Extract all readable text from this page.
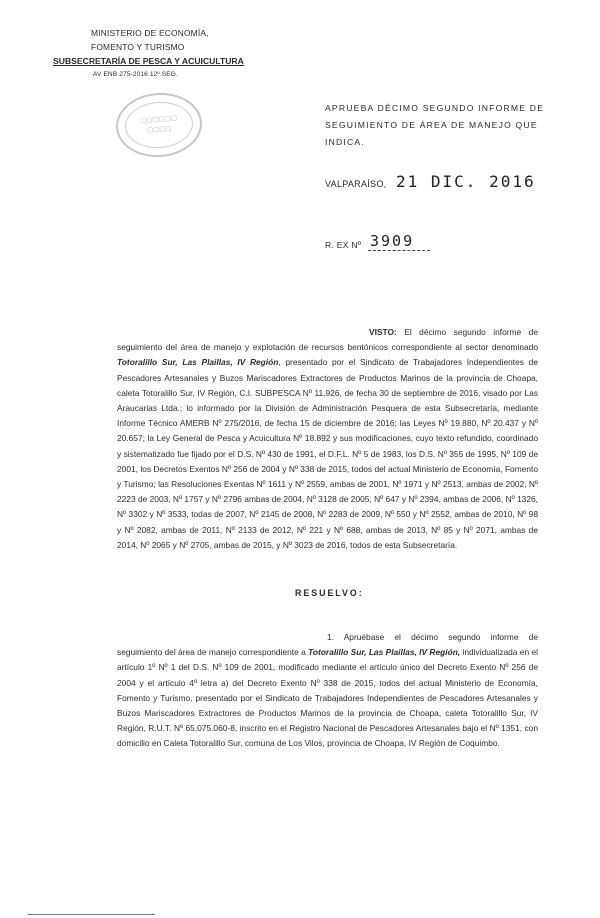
MINISTERIO DE ECONOMÍA,
FOMENTO Y TURISMO
SUBSECRETARÍA DE PESCA Y ACUICULTURA
AV ENB 275-2016 12º SEG.
▢▢▢▢▢▢
▢▢▢▢
APRUEBA DÉCIMO SEGUNDO INFORME DE SEGUIMIENTO DE ÁREA DE MANEJO QUE INDICA.
VALPARAÍSO, 21 DIC. 2016
R. EX Nº 3909
VISTO: El décimo segundo informe de seguimiento del área de manejo y explotación de recursos bentónicos correspondiente al sector denominado Totoralillo Sur, Las Plaillas, IV Región, presentado por el Sindicato de Trabajadores Independientes de Pescadores Artesanales y Buzos Mariscadores Extractores de Productos Marinos de la provincia de Choapa, caleta Totoralillo Sur, IV Región, C.I. SUBPESCA Nº 11.926, de fecha 30 de septiembre de 2016, visado por Las Araucarias Ltda.; lo informado por la División de Administración Pesquera de esta Subsecretaría, mediante Informe Técnico AMERB Nº 275/2016, de fecha 15 de diciembre de 2016; las Leyes Nº 19.880, Nº 20.437 y Nº 20.657; la Ley General de Pesca y Acuicultura Nº 18.892 y sus modificaciones, cuyo texto refundido, coordinado y sistematizado fue fijado por el D.S. Nº 430 de 1991, el D.F.L. Nº 5 de 1983, los D.S. Nº 355 de 1995, Nº 109 de 2001, los Decretos Exentos Nº 256 de 2004 y Nº 338 de 2015, todos del actual Ministerio de Economía, Fomento y Turismo; las Resoluciones Exentas Nº 1611 y Nº 2559, ambas de 2001, Nº 1971 y Nº 2513, ambas de 2002, Nº 2223 de 2003, Nº 1757 y Nº 2796 ambas de 2004, Nº 3128 de 2005, Nº 647 y Nº 2394, ambas de 2006, Nº 1326, Nº 3302 y Nº 3533, todas de 2007, Nº 2145 de 2008, Nº 2283 de 2009, Nº 550 y Nº 2552, ambas de 2010, Nº 98 y Nº 2082, ambas de 2011, Nº 2133 de 2012, Nº 221 y Nº 688, ambas de 2013, Nº 85 y Nº 2071, ambas de 2014, Nº 2065 y Nº 2705, ambas de 2015, y Nº 3023 de 2016, todos de esta Subsecretaría.
RESUELVO:
1. Apruébase el décimo segundo informe de seguimiento del área de manejo correspondiente a Totoralillo Sur, Las Plaillas, IV Región, individualizada en el artículo 1º Nº 1 del D.S. Nº 109 de 2001, modificado mediante el artículo único del Decreto Exento Nº 256 de 2004 y el artículo 4º letra a) del Decreto Exento Nº 338 de 2015, todos del actual Ministerio de Economía, Fomento y Turismo, presentado por el Sindicato de Trabajadores Independientes de Pescadores Artesanales y Buzos Mariscadores Extractores de Productos Marinos de la provincia de Choapa, caleta Totoralillo Sur, IV Región, R.U.T. Nº 65.075.060-8, inscrito en el Registro Nacional de Pescadores Artesanales bajo el Nº 1351, con domicilio en Caleta Totoralillo Sur, comuna de Los Vilos, provincia de Choapa, IV Región de Coquimbo.
